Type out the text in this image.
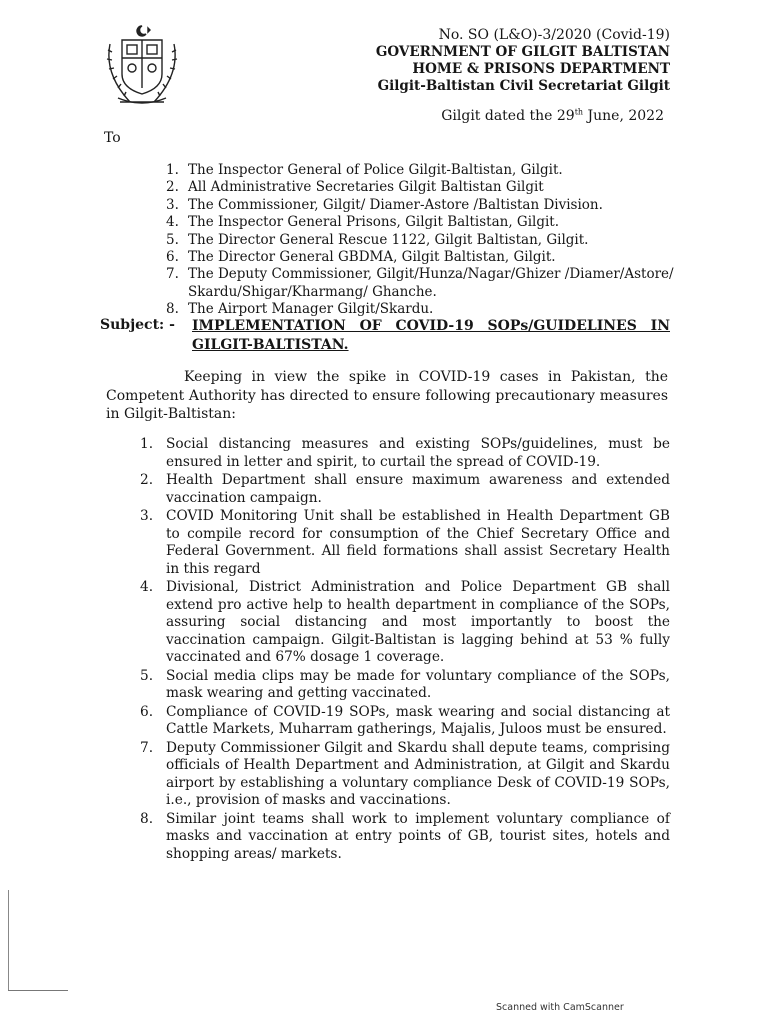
No. SO (L&O)-3/2020 (Covid-19)
GOVERNMENT OF GILGIT BALTISTAN
HOME & PRISONS DEPARTMENT
Gilgit-Baltistan Civil Secretariat Gilgit
Gilgit dated the 29th June, 2022
To
1. The Inspector General of Police Gilgit-Baltistan, Gilgit.
2. All Administrative Secretaries Gilgit Baltistan Gilgit
3. The Commissioner, Gilgit/ Diamer-Astore /Baltistan Division.
4. The Inspector General Prisons, Gilgit Baltistan, Gilgit.
5. The Director General Rescue 1122, Gilgit Baltistan, Gilgit.
6. The Director General GBDMA, Gilgit Baltistan, Gilgit.
7. The Deputy Commissioner, Gilgit/Hunza/Nagar/Ghizer /Diamer/Astore/ Skardu/Shigar/Kharmang/ Ghanche.
8. The Airport Manager Gilgit/Skardu.
Subject: -	IMPLEMENTATION OF COVID-19 SOPs/GUIDELINES IN
GILGIT-BALTISTAN.

Keeping in view the spike in COVID-19 cases in Pakistan, the Competent Authority has directed to ensure following precautionary measures in Gilgit-Baltistan:

1. Social distancing measures and existing SOPs/guidelines, must be ensured in letter and spirit, to curtail the spread of COVID-19.
2. Health Department shall ensure maximum awareness and extended vaccination campaign.
3. COVID Monitoring Unit shall be established in Health Department GB to compile record for consumption of the Chief Secretary Office and Federal Government. All field formations shall assist Secretary Health in this regard
4. Divisional, District Administration and Police Department GB shall extend pro active help to health department in compliance of the SOPs, assuring social distancing and most importantly to boost the vaccination campaign. Gilgit-Baltistan is lagging behind at 53 % fully vaccinated and 67% dosage 1 coverage.
5. Social media clips may be made for voluntary compliance of the SOPs, mask wearing and getting vaccinated.
6. Compliance of COVID-19 SOPs, mask wearing and social distancing at Cattle Markets, Muharram gatherings, Majalis, Juloos must be ensured.
7. Deputy Commissioner Gilgit and Skardu shall depute teams, comprising officials of Health Department and Administration, at Gilgit and Skardu airport by establishing a voluntary compliance Desk of COVID-19 SOPs, i.e., provision of masks and vaccinations.
8. Similar joint teams shall work to implement voluntary compliance of masks and vaccination at entry points of GB, tourist sites, hotels and shopping areas/ markets.
Scanned with CamScanner
